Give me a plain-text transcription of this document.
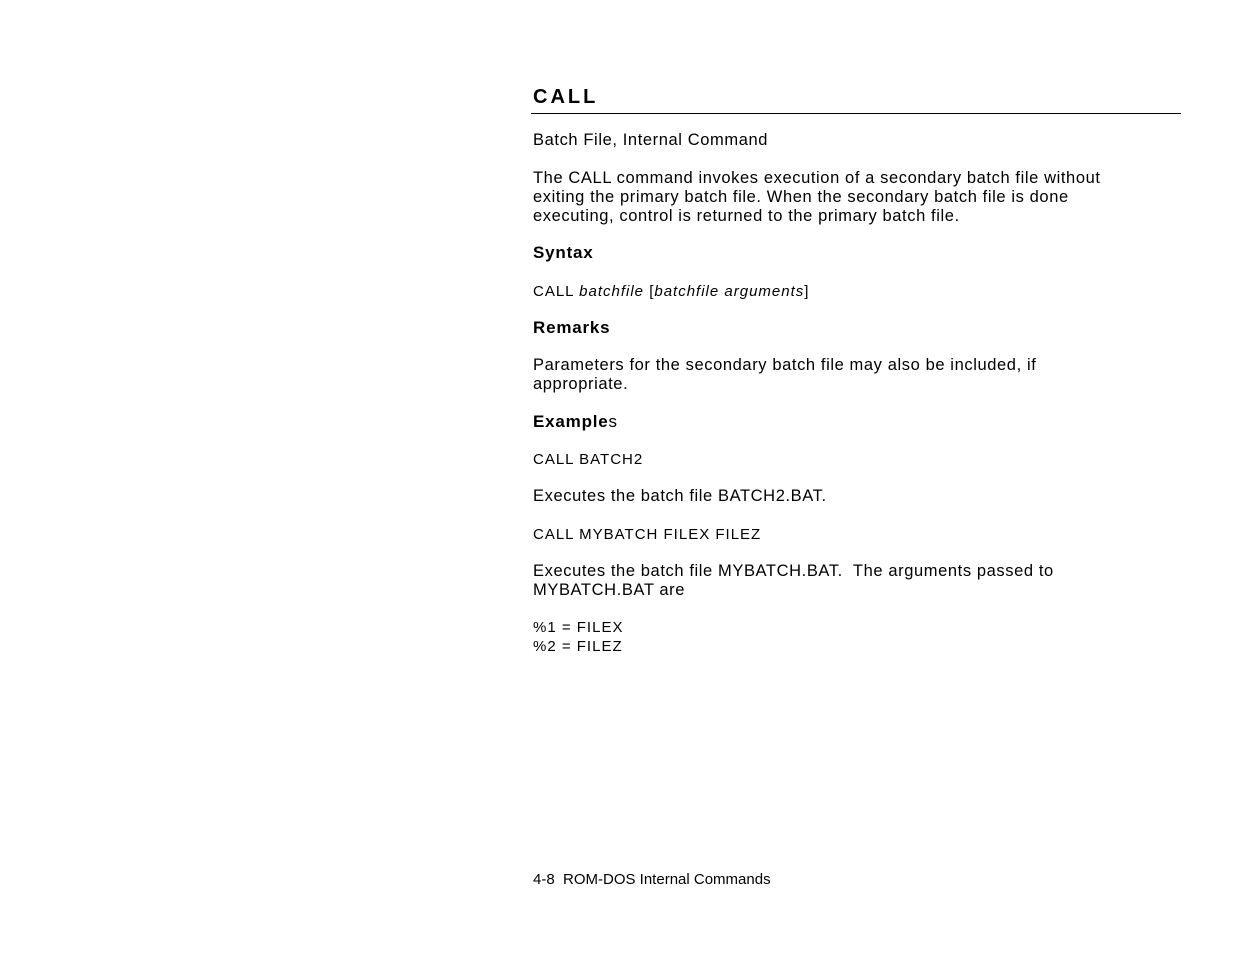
CALL

Batch File, Internal Command

The CALL command invokes execution of a secondary batch file without
exiting the primary batch file. When the secondary batch file is done
executing, control is returned to the primary batch file.
Syntax

CALL batchfile [batchfile arguments]

Remarks
Parameters for the secondary batch file may also be included, if
appropriate.
Examples

CALL BATCH2

Executes the batch file BATCH2.BAT.

CALL MYBATCH FILEX FILEZ

Executes the batch file MYBATCH.BAT.  The arguments passed to
MYBATCH.BAT are
%1 = FILEX
%2 = FILEZ

4-8  ROM-DOS Internal Commands
